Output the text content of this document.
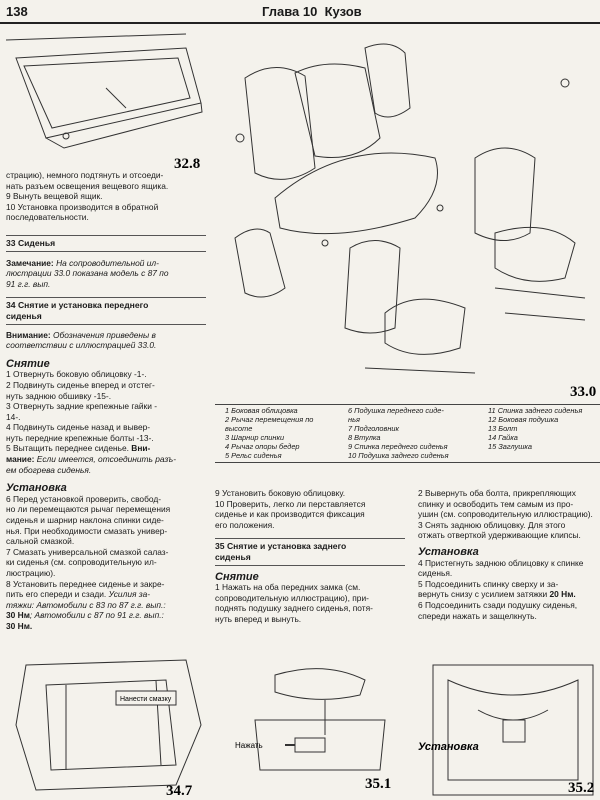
138	Глава 10 Кузов
32.8

страцию), немного подтянуть и отсоеди-

нать разъем освещения вещевого ящика.

9 Вынуть вещевой ящик.

10 Установка производится в обратной

последовательности.

33 Сиденья

Замечание: На сопроводительной ил-

люстрации 33.0 показана модель с 87 по

91 г.г. вып.

34 Снятие и установка переднего

сиденья

Внимание: Обозначения приведены в

соответствии с иллюстрацией 33.0.

Снятие

1 Отвернуть боковую облицовку -1-.

2 Подвинуть сиденье вперед и отстег-

нуть заднюю обшивку -15-.

3 Отвернуть задние крепежные гайки -

14-.

4 Подвинуть сиденье назад и вывер-

нуть передние крепежные болты -13-.

5 Вытащить переднее сиденье. Вни-

мание: Если имеется, отсоединить разъ-

ем обогрева сиденья.

Установка

6 Перед установкой проверить, свобод-

но ли перемещаются рычаг перемещения

сиденья и шарнир наклона спинки сиде-

нья. При необходимости смазать универ-

сальной смазкой.

7 Смазать универсальной смазкой салаз-

ки сиденья (см. сопроводительную ил-

люстрацию).

8 Установить переднее сиденье и закре-

пить его спереди и сзади. Усилия за-

тяжки: Автомобили с 83 по 87 г.г. вып.:

30 Нм; Автомобили с 87 по 91 г.г. вып.:

30 Нм.

33.0
1 Боковая облицовка
2 Рычаг перемещения по
высоте
3 Шарнир спинки
4 Рычаг опоры бедер
5 Рельс сиденья
6 Подушка переднего сиде-
нья
7 Подголовник
8 Втулка
9 Спинка переднего сиденья
10 Подушка заднего сиденья
11 Спинка заднего сиденья
12 Боковая подушка
13 Болт
14 Гайка
15 Заглушка

9 Установить боковую облицовку.

10 Проверить, легко ли перставляется

сиденье и как производится фиксация

его положения.

35 Снятие и установка заднего

сиденья

Снятие

1 Нажать на оба передних замка (см.

сопроводительную иллюстрацию), при-

поднять подушку заднего сиденья, потя-

нуть вперед и вынуть.

2 Вывернуть оба болта, прикрепляющих

спинку и освободить тем самым из про-

ушин (см. сопроводительную иллюстрацию).

3 Снять заднюю облицовку. Для этого

отжать отверткой удерживающие клипсы.

Установка

4 Пристегнуть заднюю облицовку к спинке

сиденья.

5 Подсоединить спинку сверху и за-

вернуть снизу с усилием затяжки 20 Нм.

6 Подсоединить сзади подушку сиденья,

спереди нажать и защелкнуть.

Нанести смазку
34.7
Нажать
35.1
Установка
35.2
